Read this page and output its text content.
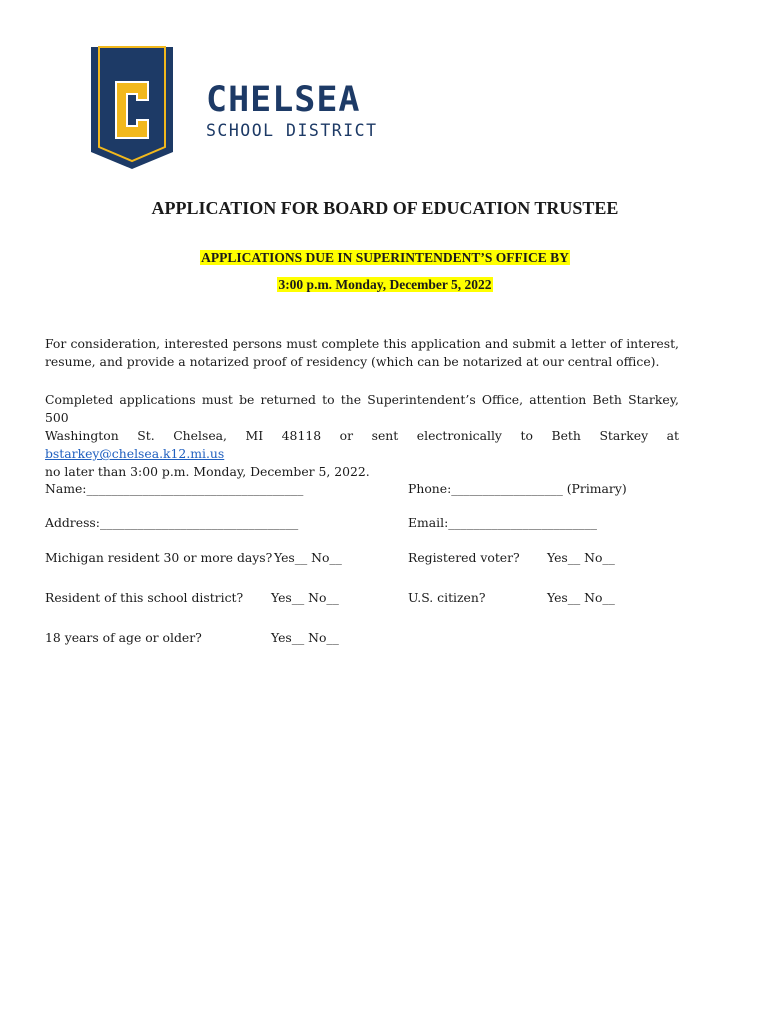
CHELSEA
SCHOOL DISTRICT
APPLICATION FOR BOARD OF EDUCATION TRUSTEE
APPLICATIONS DUE IN SUPERINTENDENT’S OFFICE BY
3:00 p.m. Monday, December 5, 2022
For consideration, interested persons must complete this application and submit a letter of interest,
resume, and provide a notarized proof of residency (which can be notarized at our central office).
Completed applications must be returned to the Superintendent’s Office, attention Beth Starkey, 500
Washington St. Chelsea, MI 48118 or sent electronically to Beth Starkey at bstarkey@chelsea.k12.mi.us
no later than 3:00 p.m. Monday, December 5, 2022.
Name:___________________________________	Phone:__________________ (Primary)
Address:________________________________	Email:________________________
Michigan resident 30 or more days? Yes__ No__	Registered voter? Yes__ No__
Resident of this school district? Yes__ No__	U.S. citizen?	Yes__ No__
18 years of age or older?	Yes__ No__
